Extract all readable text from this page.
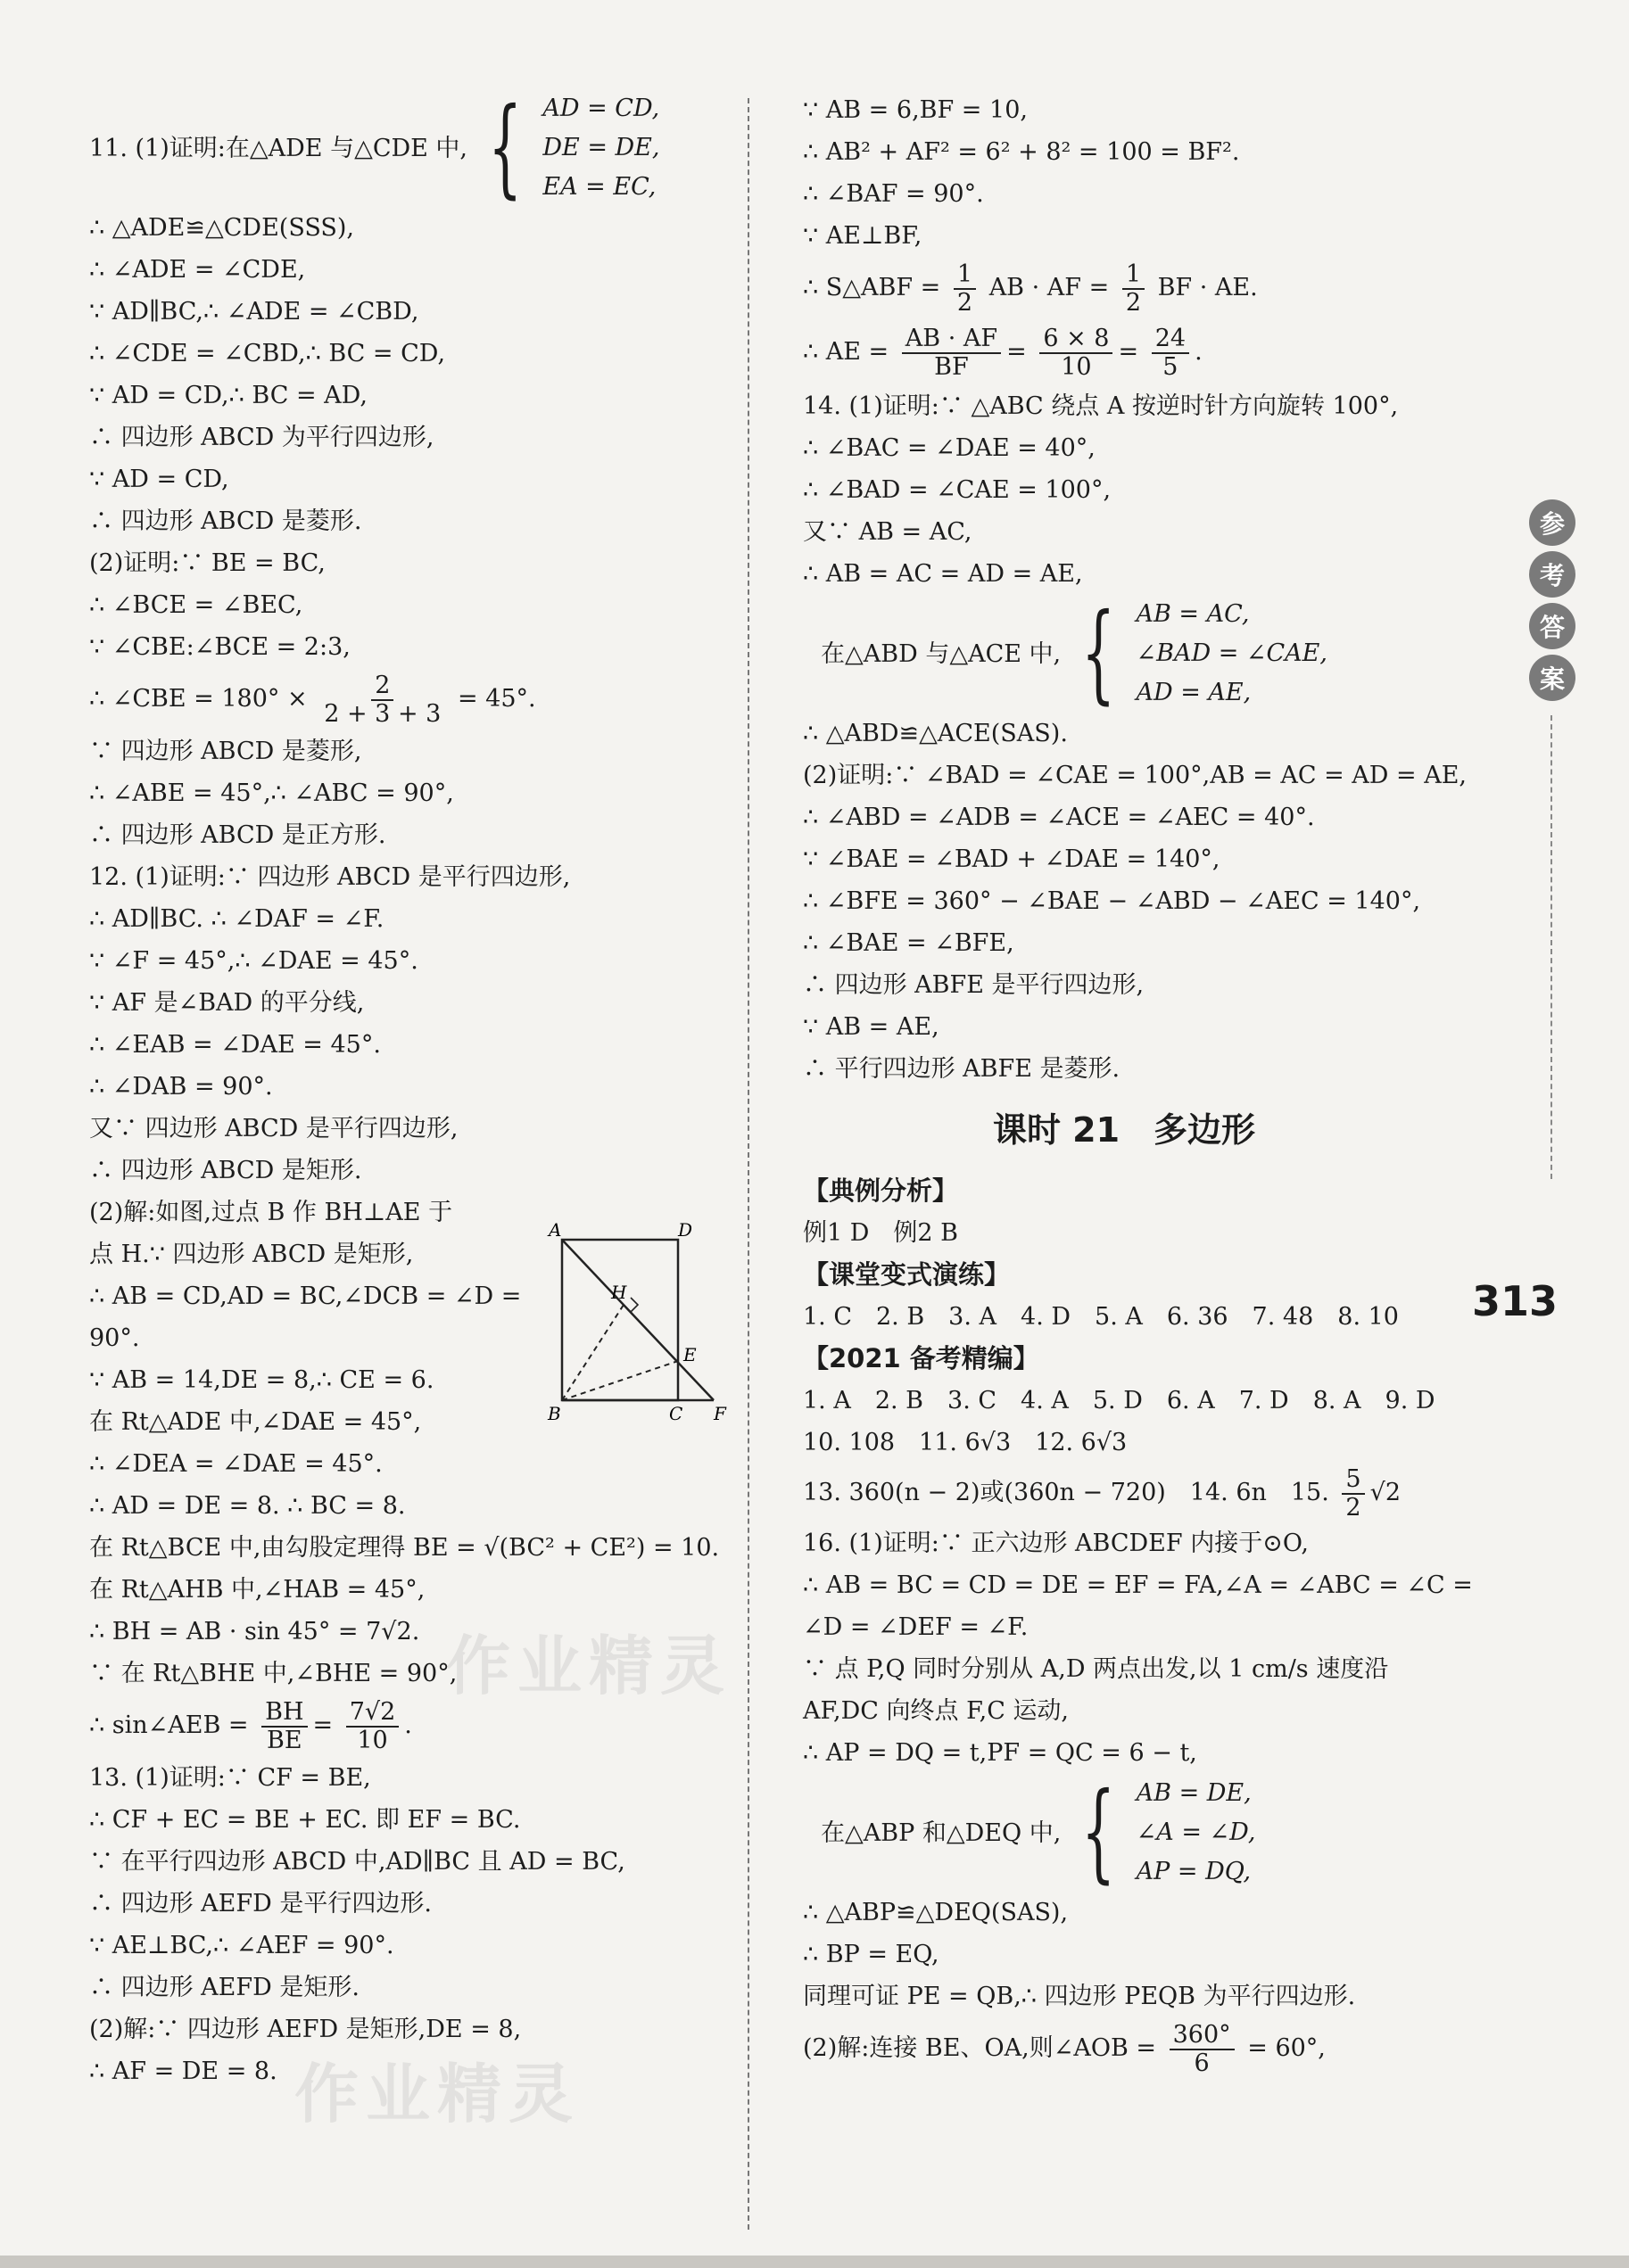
11. (1)证明:在△ADE 与△CDE 中, { AD = CD,
DE = DE,
EA = EC,
∴ △ADE≌△CDE(SSS),
∴ ∠ADE = ∠CDE,
∵ AD∥BC,∴ ∠ADE = ∠CBD,
∴ ∠CDE = ∠CBD,∴ BC = CD,
∵ AD = CD,∴ BC = AD,
∴ 四边形 ABCD 为平行四边形,
∵ AD = CD,
∴ 四边形 ABCD 是菱形.
(2)证明:∵ BE = BC,
∴ ∠BCE = ∠BEC,
∵ ∠CBE:∠BCE = 2:3,
∴ ∠CBE = $180^\circ \times \frac{2}{2 + 3 + 3} = 45^\circ$.
∵ 四边形 ABCD 是菱形,
∴ ∠ABE = 45°,∴ ∠ABC = 90°,
∴ 四边形 ABCD 是正方形.
12. (1)证明:∵ 四边形 ABCD 是平行四边形,
∴ AD∥BC. ∴ ∠DAF = ∠F.
∵ ∠F = 45°,∴ ∠DAE = 45°.
∵ AF 是∠BAD 的平分线,
∴ ∠EAB = ∠DAE = 45°.
∴ ∠DAB = 90°.
又∵ 四边形 ABCD 是平行四边形,
∴ 四边形 ABCD 是矩形.
(2)解:如图,过点 B 作 BH⊥AE 于
点 H.∵ 四边形 ABCD 是矩形,
∴ AB = CD,AD = BC,∠DCB = ∠D =
90°.
∵ AB = 14,DE = 8,∴ CE = 6.
在 Rt△ADE 中,∠DAE = 45°,
∴ ∠DEA = ∠DAE = 45°.
∴ AD = DE = 8. ∴ BC = 8.
在 Rt△BCE 中,由勾股定理得 BE = √(BC² + CE²) = 10.
在 Rt△AHB 中,∠HAB = 45°,
∴ BH = AB · sin 45° = 7√2.
∵ 在 Rt△BHE 中,∠BHE = 90°,
∴ sin∠AEB = $\frac{BH}{BE} = \frac{7√2}{10}$ .
13. (1)证明:∵ CF = BE,
∴ CF + EC = BE + EC. 即 EF = BC.
∵ 在平行四边形 ABCD 中,AD∥BC 且 AD = BC,
∴ 四边形 AEFD 是平行四边形.
∵ AE⊥BC,∴ ∠AEF = 90°.
∴ 四边形 AEFD 是矩形.
(2)解:∵ 四边形 AEFD 是矩形,DE = 8,
∴ AF = DE = 8.
A	D
H
E
B	C F
∵ AB = 6,BF = 10,
∴ AB² + AF² = 6² + 8² = 100 = BF².
∴ ∠BAF = 90°.
∵ AE⊥BF,
∴ S△ABF = $\frac{1}{2}$ AB · AF = $\frac{1}{2}$ BF · AE.
∴ AE = $\frac{AB \cdot AF}{BF} = \frac{6 \times 8}{10} = \frac{24}{5}$ .
14. (1)证明:∵ △ABC 绕点 A 按逆时针方向旋转 100°,
∴ ∠BAC = ∠DAE = 40°,
∴ ∠BAD = ∠CAE = 100°,
又∵ AB = AC,
∴ AB = AC = AD = AE,
在△ABD 与△ACE 中, { AB = AC,
∠BAD = ∠CAE,
AD = AE,
∴ △ABD≌△ACE(SAS).
(2)证明:∵ ∠BAD = ∠CAE = 100°,AB = AC = AD = AE,
∴ ∠ABD = ∠ADB = ∠ACE = ∠AEC = 40°.
∵ ∠BAE = ∠BAD + ∠DAE = 140°,
∴ ∠BFE = 360° − ∠BAE − ∠ABD − ∠AEC = 140°,
∴ ∠BAE = ∠BFE,
∴ 四边形 ABFE 是平行四边形,
∵ AB = AE,
∴ 平行四边形 ABFE 是菱形.
课时 21　多边形
【典例分析】
例1 D　例2 B
【课堂变式演练】
1. C　2. B　3. A　4. D　5. A　6. 36　7. 48　8. 10
【2021 备考精编】
1. A　2. B　3. C　4. A　5. D　6. A　7. D　8. A　9. D
10. 108　11. 6√3　12. 6√3
13. 360(n − 2)或(360n − 720)　14. 6n　15. $\frac{5}{2} √2$
16. (1)证明:∵ 正六边形 ABCDEF 内接于⊙O,
∴ AB = BC = CD = DE = EF = FA,∠A = ∠ABC = ∠C =
∠D = ∠DEF = ∠F.
∵ 点 P,Q 同时分别从 A,D 两点出发,以 1 cm/s 速度沿
AF,DC 向终点 F,C 运动,
∴ AP = DQ = t,PF = QC = 6 − t,
在△ABP 和△DEQ 中, { AB = DE,
∠A = ∠D,
AP = DQ,
∴ △ABP≌△DEQ(SAS),
∴ BP = EQ,
同理可证 PE = QB,∴ 四边形 PEQB 为平行四边形.
(2)解:连接 BE、OA,则∠AOB = $\frac{360^\circ}{6} = 60^\circ$,
参
考
答
案
313
作业精灵
作业精灵
